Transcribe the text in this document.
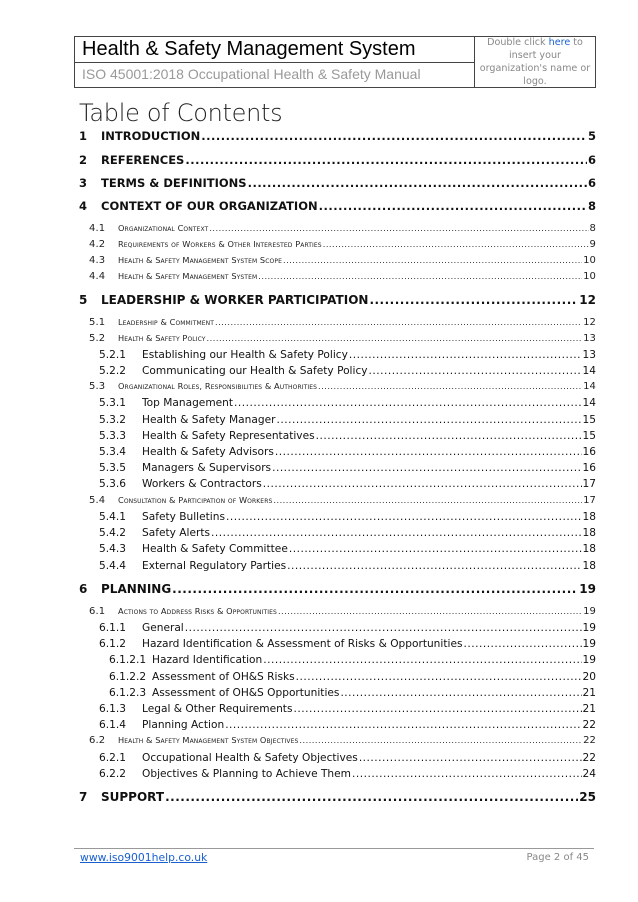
Health & Safety Management System
ISO 45001:2018 Occupational Health & Safety Manual
Double click here to insert your organization's name or logo.
Table of Contents
1	INTRODUCTION .....	5
2	REFERENCES .....	6
3	TERMS & DEFINITIONS .....	6
4	CONTEXT OF OUR ORGANIZATION .....	8
4.1	Organizational Context .....	8
4.2	Requirements of Workers & Other Interested Parties .....	9
4.3	Health & Safety Management System Scope .....	10
4.4	Health & Safety Management System .....	10
5	LEADERSHIP & WORKER PARTICIPATION .....	12
5.1	Leadership & Commitment .....	12
5.2	Health & Safety Policy .....	13
5.2.1	Establishing our Health & Safety Policy .....	13
5.2.2	Communicating our Health & Safety Policy .....	14
5.3	Organizational Roles, Responsibilities & Authorities .....	14
5.3.1	Top Management .....	14
5.3.2	Health & Safety Manager .....	15
5.3.3	Health & Safety Representatives .....	15
5.3.4	Health & Safety Advisors .....	16
5.3.5	Managers & Supervisors .....	16
5.3.6	Workers & Contractors .....	17
5.4	Consultation & Participation of Workers .....	17
5.4.1	Safety Bulletins .....	18
5.4.2	Safety Alerts .....	18
5.4.3	Health & Safety Committee .....	18
5.4.4	External Regulatory Parties .....	18
6	PLANNING .....	19
6.1	Actions to Address Risks & Opportunities .....	19
6.1.1	General .....	19
6.1.2	Hazard Identification & Assessment of Risks & Opportunities .....	19
6.1.2.1 Hazard Identification .....	19
6.1.2.2 Assessment of OH&S Risks .....	20
6.1.2.3 Assessment of OH&S Opportunities .....	21
6.1.3	Legal & Other Requirements .....	21
6.1.4	Planning Action .....	22
6.2	Health & Safety Management System Objectives .....	22
6.2.1	Occupational Health & Safety Objectives .....	22
6.2.2	Objectives & Planning to Achieve Them .....	24
7	SUPPORT .....	25
www.iso9001help.co.uk	Page 2 of 45
